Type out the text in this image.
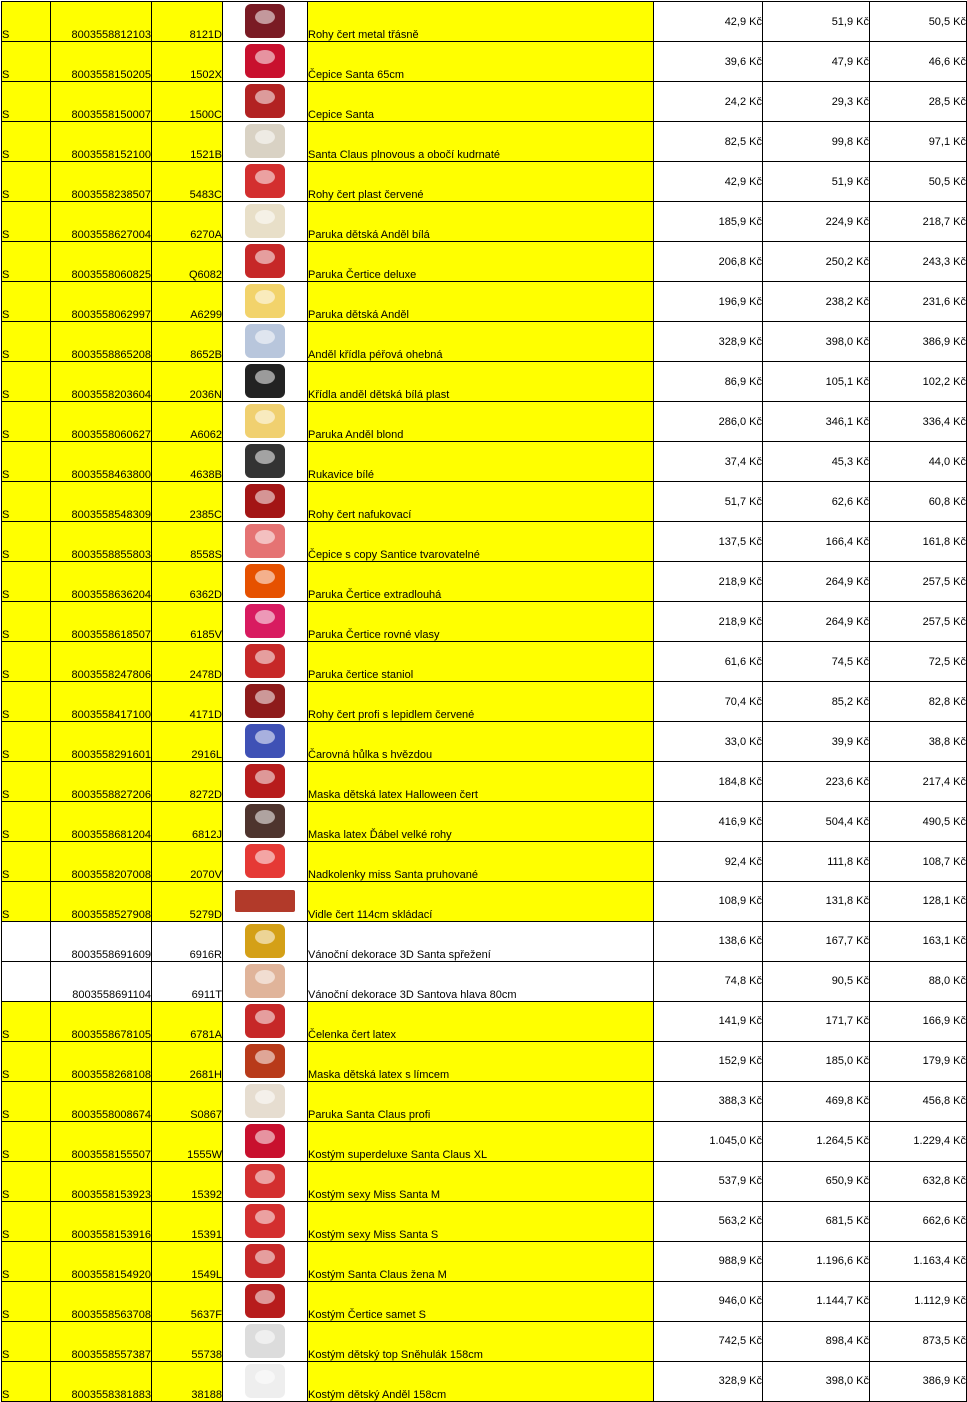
S	8003558812103	8121D		Rohy čert metal třásně	42,9 Kč	51,9 Kč	50,5 Kč
S	8003558150205	1502X		Čepice Santa 65cm	39,6 Kč	47,9 Kč	46,6 Kč
S	8003558150007	1500C		Cepice Santa	24,2 Kč	29,3 Kč	28,5 Kč
S	8003558152100	1521B		Santa Claus plnovous a obočí kudrnaté	82,5 Kč	99,8 Kč	97,1 Kč
S	8003558238507	5483C		Rohy čert plast červené	42,9 Kč	51,9 Kč	50,5 Kč
S	8003558627004	6270A		Paruka dětská Anděl bílá	185,9 Kč	224,9 Kč	218,7 Kč
S	8003558060825	Q6082		Paruka Čertice deluxe	206,8 Kč	250,2 Kč	243,3 Kč
S	8003558062997	A6299		Paruka dětská Anděl	196,9 Kč	238,2 Kč	231,6 Kč
S	8003558865208	8652B		Anděl křídla péřová ohebná	328,9 Kč	398,0 Kč	386,9 Kč
S	8003558203604	2036N		Křídla anděl dětská bílá plast	86,9 Kč	105,1 Kč	102,2 Kč
S	8003558060627	A6062		Paruka Anděl blond	286,0 Kč	346,1 Kč	336,4 Kč
S	8003558463800	4638B		Rukavice bílé	37,4 Kč	45,3 Kč	44,0 Kč
S	8003558548309	2385C		Rohy čert nafukovací	51,7 Kč	62,6 Kč	60,8 Kč
S	8003558855803	8558S		Čepice s copy Santice tvarovatelné	137,5 Kč	166,4 Kč	161,8 Kč
S	8003558636204	6362D		Paruka Čertice extradlouhá	218,9 Kč	264,9 Kč	257,5 Kč
S	8003558618507	6185V		Paruka Čertice rovné vlasy	218,9 Kč	264,9 Kč	257,5 Kč
S	8003558247806	2478D		Paruka čertice staniol	61,6 Kč	74,5 Kč	72,5 Kč
S	8003558417100	4171D		Rohy čert profi s lepidlem červené	70,4 Kč	85,2 Kč	82,8 Kč
S	8003558291601	2916L		Čarovná hůlka s hvězdou	33,0 Kč	39,9 Kč	38,8 Kč
S	8003558827206	8272D		Maska dětská latex Halloween čert	184,8 Kč	223,6 Kč	217,4 Kč
S	8003558681204	6812J		Maska latex Ďábel velké rohy	416,9 Kč	504,4 Kč	490,5 Kč
S	8003558207008	2070V		Nadkolenky miss Santa pruhované	92,4 Kč	111,8 Kč	108,7 Kč
S	8003558527908	5279D		Vidle čert 114cm skládací	108,9 Kč	131,8 Kč	128,1 Kč
	8003558691609	6916R		Vánoční dekorace 3D Santa spřežení	138,6 Kč	167,7 Kč	163,1 Kč
	8003558691104	6911T		Vánoční dekorace 3D Santova hlava 80cm	74,8 Kč	90,5 Kč	88,0 Kč
S	8003558678105	6781A		Čelenka čert latex	141,9 Kč	171,7 Kč	166,9 Kč
S	8003558268108	2681H		Maska dětská latex s límcem	152,9 Kč	185,0 Kč	179,9 Kč
S	8003558008674	S0867		Paruka Santa Claus profi	388,3 Kč	469,8 Kč	456,8 Kč
S	8003558155507	1555W		Kostým superdeluxe Santa Claus XL	1.045,0 Kč	1.264,5 Kč	1.229,4 Kč
S	8003558153923	15392		Kostým sexy Miss Santa M	537,9 Kč	650,9 Kč	632,8 Kč
S	8003558153916	15391		Kostým sexy Miss Santa S	563,2 Kč	681,5 Kč	662,6 Kč
S	8003558154920	1549L		Kostým Santa Claus žena M	988,9 Kč	1.196,6 Kč	1.163,4 Kč
S	8003558563708	5637F		Kostým Čertice samet S	946,0 Kč	1.144,7 Kč	1.112,9 Kč
S	8003558557387	55738		Kostým dětský top Sněhulák 158cm	742,5 Kč	898,4 Kč	873,5 Kč
S	8003558381883	38188		Kostým dětský Anděl 158cm	328,9 Kč	398,0 Kč	386,9 Kč
